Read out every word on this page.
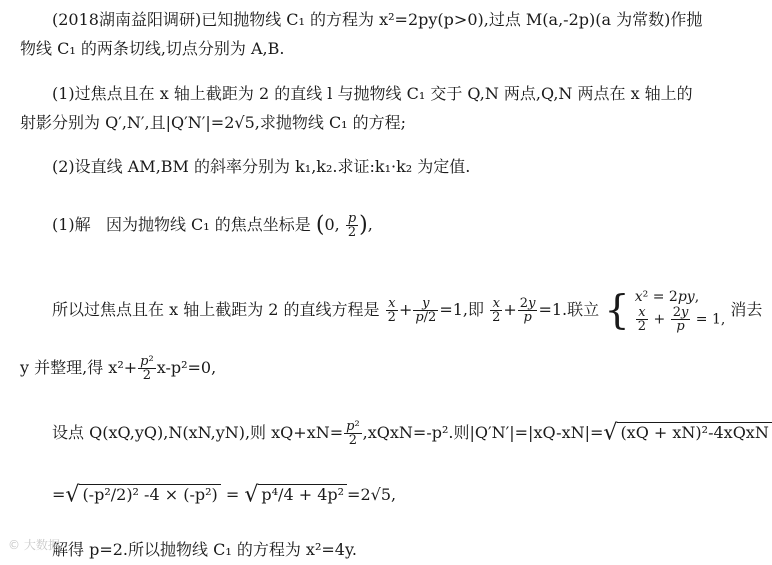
(2018湖南益阳调研)已知抛物线 C₁ 的方程为 x²=2py(p>0),过点 M(a,-2p)(a 为常数)作抛
物线 C₁ 的两条切线,切点分别为 A,B.
(1)过焦点且在 x 轴上截距为 2 的直线 l 与抛物线 C₁ 交于 Q,N 两点,Q,N 两点在 x 轴上的
射影分别为 Q′,N′,且|Q′N′|=2√5,求抛物线 C₁ 的方程;
(2)设直线 AM,BM 的斜率分别为 k₁,k₂.求证:k₁·k₂ 为定值.
(1)解 因为抛物线 C₁ 的焦点坐标是 (0, $\frac{p}{2}$ ),
所以过焦点且在 x 轴上截距为 2 的直线方程是 $\frac{x}{2} + \frac{y}{p/2} =1$,即 $\frac{x}{2} + \frac{2y}{p} =1$.联立 { x² = 2py,

$\frac{x}{2} + \frac{2y}{p} = 1$, 消去
y 并整理,得 $x^2+ \frac{\text{p²}}{2} x-p^2=0$,
设点 Q(xQ,yQ),N(xN,yN),则 $xQ+xN= \frac{\text{p²}}{2}$ ,xQxN=-p².则|Q′N′|=|xQ-xN|=√ (xQ + xN)²-4xQxN
=√ (-p²/2)² -4 × (-p²) = √ p⁴/4 + 4p² =2√5,
解得 p=2.所以抛物线 C₁ 的方程为 x²=4y.
© 大数据
